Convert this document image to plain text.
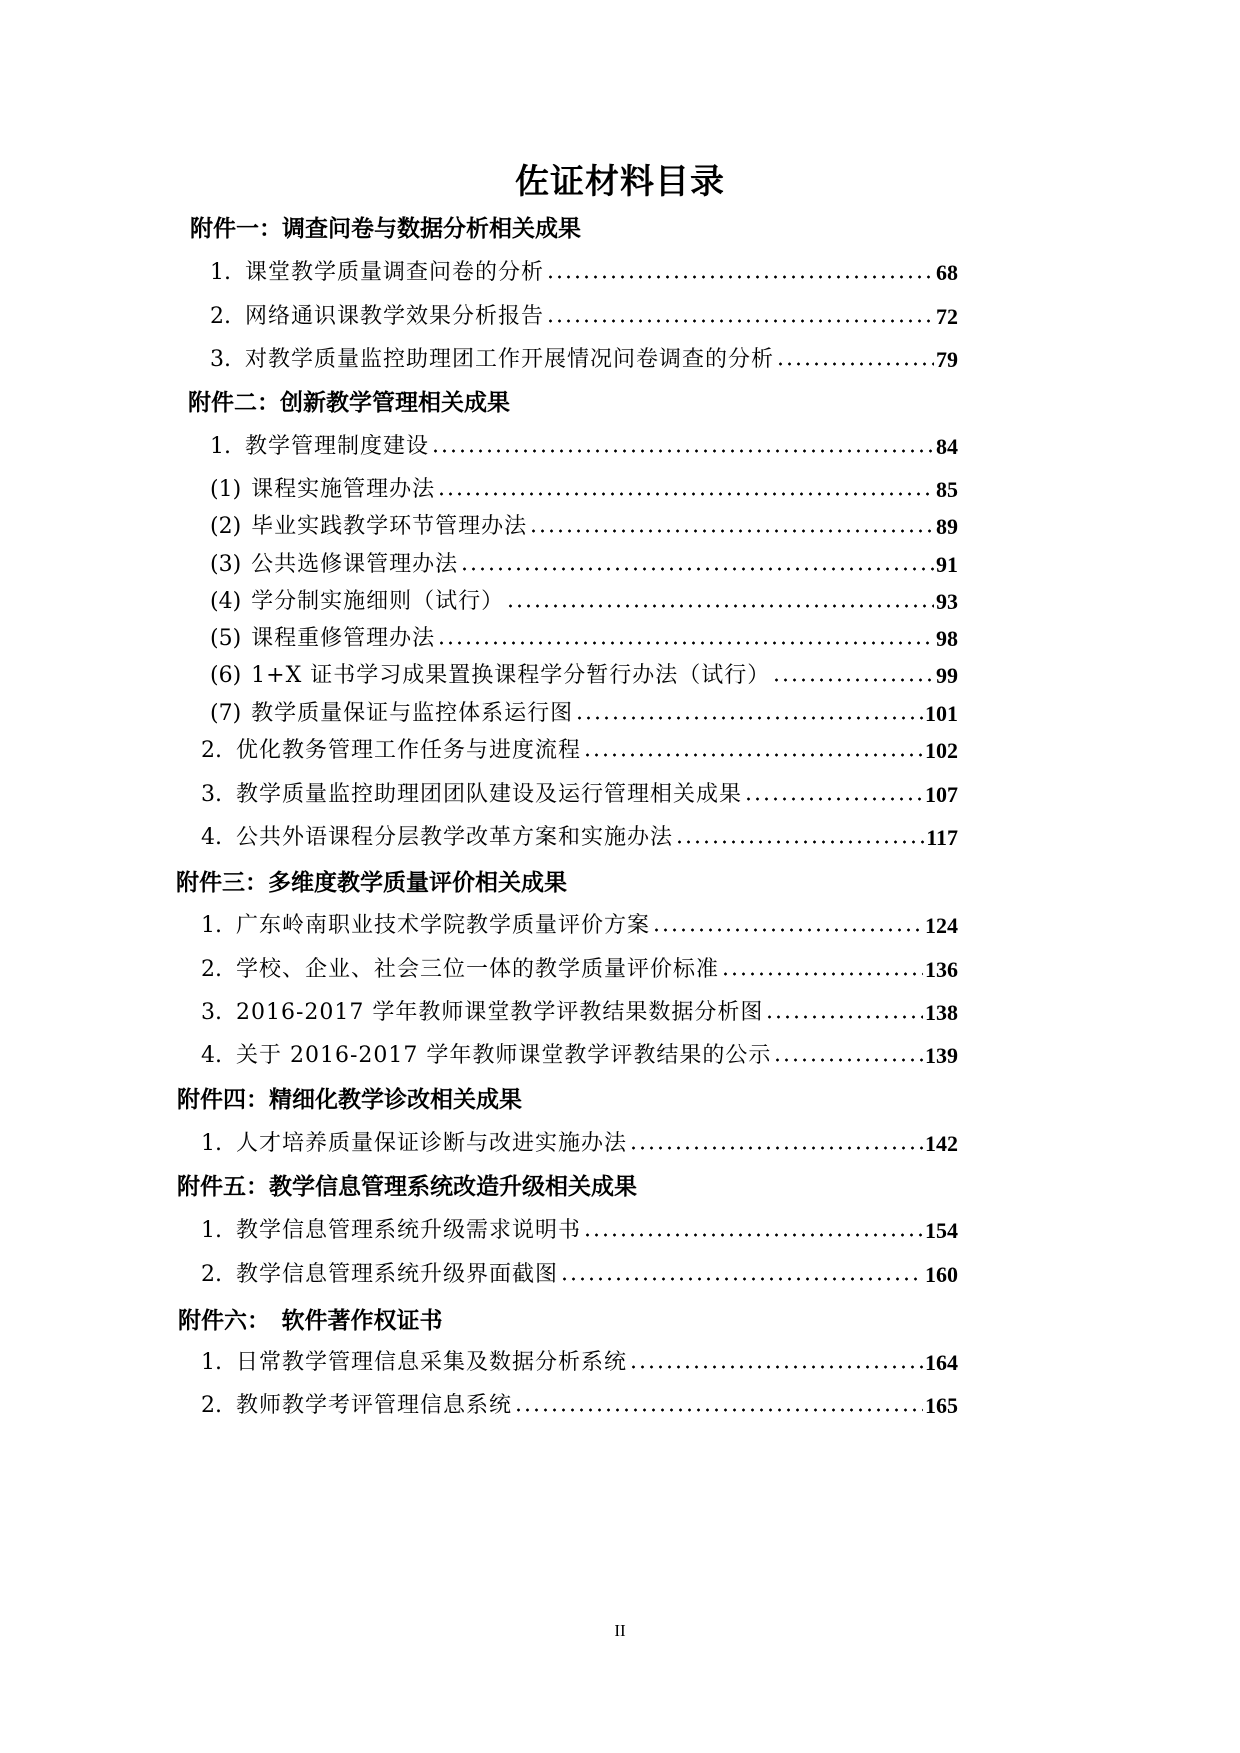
佐证材料目录
附件一：调查问卷与数据分析相关成果
1. 课堂教学质量调查问卷的分析	68
2. 网络通识课教学效果分析报告	72
3. 对教学质量监控助理团工作开展情况问卷调查的分析	79
附件二：创新教学管理相关成果
1. 教学管理制度建设	84
(1) 课程实施管理办法	85
(2) 毕业实践教学环节管理办法	89
(3) 公共选修课管理办法	91
(4) 学分制实施细则（试行）	93
(5) 课程重修管理办法	98
(6) 1+X 证书学习成果置换课程学分暂行办法（试行）	99
(7) 教学质量保证与监控体系运行图	101
2. 优化教务管理工作任务与进度流程	102
3. 教学质量监控助理团团队建设及运行管理相关成果	107
4. 公共外语课程分层教学改革方案和实施办法	117
附件三：多维度教学质量评价相关成果
1. 广东岭南职业技术学院教学质量评价方案	124
2. 学校、企业、社会三位一体的教学质量评价标准	136
3. 2016-2017 学年教师课堂教学评教结果数据分析图	138
4. 关于 2016-2017 学年教师课堂教学评教结果的公示	139
附件四：精细化教学诊改相关成果
1. 人才培养质量保证诊断与改进实施办法	142
附件五：教学信息管理系统改造升级相关成果
1. 教学信息管理系统升级需求说明书	154
2. 教学信息管理系统升级界面截图	160
附件六：　软件著作权证书
1. 日常教学管理信息采集及数据分析系统	164
2. 教师教学考评管理信息系统	165
II
